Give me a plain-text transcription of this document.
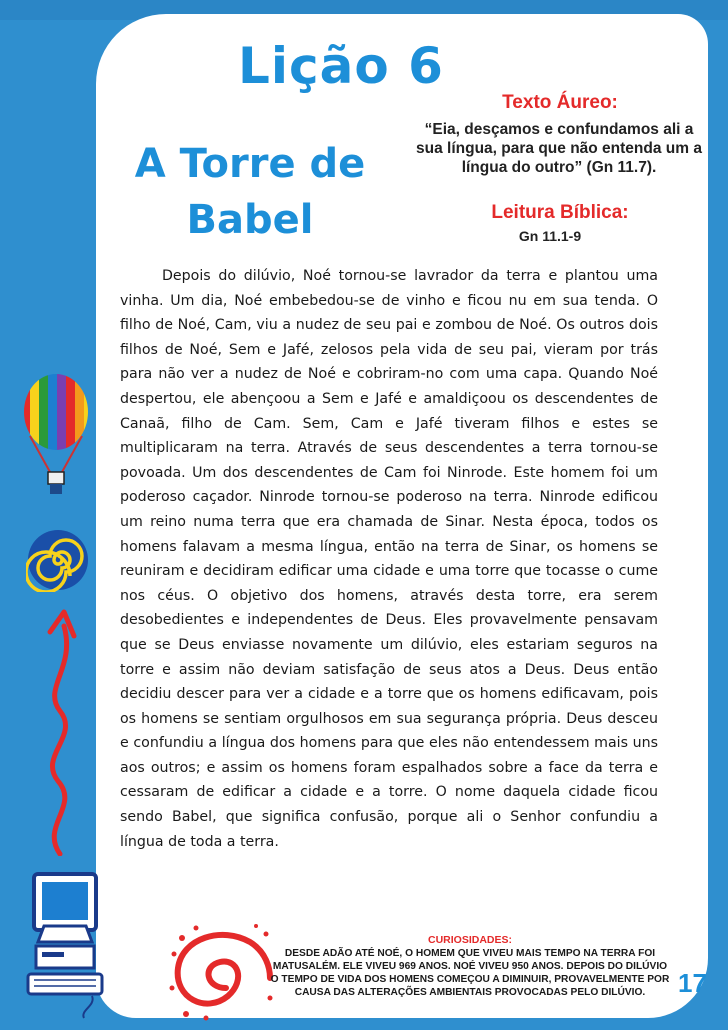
Lição 6
A Torre de Babel
Texto Áureo:
“Eia, desçamos e confundamos ali a sua língua, para que não entenda um a língua do outro” (Gn 11.7).
Leitura Bíblica:
Gn 11.1-9

Depois do dilúvio, Noé tornou-se lavrador da terra e plantou uma vinha. Um dia, Noé embebedou-se de vinho e ficou nu em sua tenda. O filho de Noé, Cam, viu a nudez de seu pai e zombou de Noé. Os outros dois filhos de Noé, Sem e Jafé, zelosos pela vida de seu pai, vieram por trás para não ver a nudez de Noé e cobriram-no com uma capa. Quando Noé despertou, ele abençoou a Sem e Jafé e amaldiçoou os descendentes de Canaã, filho de Cam. Sem, Cam e Jafé tiveram filhos e estes se multiplicaram na terra. Através de seus descendentes a terra tornou-se povoada. Um dos descendentes de Cam foi Ninrode. Este homem foi um poderoso caçador. Ninrode tornou-se poderoso na terra. Ninrode edificou um reino numa terra que era chamada de Sinar. Nesta época, todos os homens falavam a mesma língua, então na terra de Sinar, os homens se reuniram e decidiram edificar uma cidade e uma torre que tocasse o cume nos céus. O objetivo dos homens, através desta torre, era serem desobedientes e independentes de Deus. Eles provavelmente pensavam que se Deus enviasse novamente um dilúvio, eles estariam seguros na torre e assim não deviam satisfação de seus atos a Deus. Deus então decidiu descer para ver a cidade e a torre que os homens edificavam, pois os homens se sentiam orgulhosos em sua segurança própria. Deus desceu e confundiu a língua dos homens para que eles não entendessem mais uns aos outros; e assim os homens foram espalhados sobre a face da terra e cessaram de edificar a cidade e a torre. O nome daquela cidade ficou sendo Babel, que significa confusão, porque ali o Senhor confundiu a língua de toda a terra.

CURIOSIDADES:
DESDE ADÃO ATÉ NOÉ, O HOMEM QUE VIVEU MAIS TEMPO NA TERRA FOI MATUSALÉM. ELE VIVEU 969 ANOS. NOÉ VIVEU 950 ANOS. DEPOIS DO DILÚVIO O TEMPO DE VIDA DOS HOMENS COMEÇOU A DIMINUIR, PROVAVELMENTE POR CAUSA DAS ALTERAÇÕES AMBIENTAIS PROVOCADAS PELO DILÚVIO.	17
